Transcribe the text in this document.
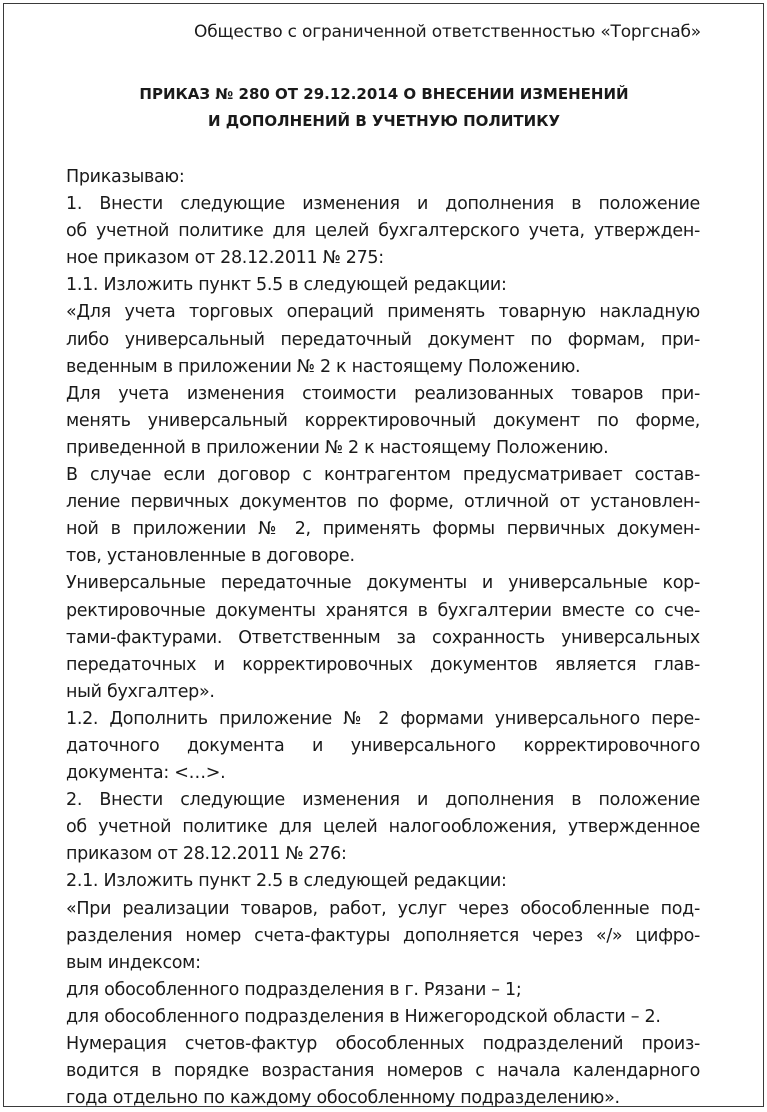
Общество с ограниченной ответственностью «Торгснаб»
ПРИКАЗ № 280 ОТ 29.12.2014 О ВНЕСЕНИИ ИЗМЕНЕНИЙ
И ДОПОЛНЕНИЙ В УЧЕТНУЮ ПОЛИТИКУ
Приказываю:
1. Внести следующие изменения и дополнения в положение
об учетной политике для целей бухгалтерского учета, утвержден-
ное приказом от 28.12.2011 № 275:
1.1. Изложить пункт 5.5 в следующей редакции:
«Для учета торговых операций применять товарную накладную
либо универсальный передаточный документ по формам, при-
веденным в приложении № 2 к настоящему Положению.
Для учета изменения стоимости реализованных товаров при-
менять универсальный корректировочный документ по форме,
приведенной в приложении № 2 к настоящему Положению.
В случае если договор с контрагентом предусматривает состав-
ление первичных документов по форме, отличной от установлен-
ной в приложении № 2, применять формы первичных докумен-
тов, установленные в договоре.
Универсальные передаточные документы и универсальные кор-
ректировочные документы хранятся в бухгалтерии вместе со сче-
тами-фактурами. Ответственным за сохранность универсальных
передаточных и корректировочных документов является глав-
ный бухгалтер».
1.2. Дополнить приложение № 2 формами универсального пере-
даточного документа и универсального корректировочного
документа: <…>.
2. Внести следующие изменения и дополнения в положение
об учетной политике для целей налогообложения, утвержденное
приказом от 28.12.2011 № 276:
2.1. Изложить пункт 2.5 в следующей редакции:
«При реализации товаров, работ, услуг через обособленные под-
разделения номер счета-фактуры дополняется через «/» цифро-
вым индексом:
для обособленного подразделения в г. Рязани – 1;
для обособленного подразделения в Нижегородской области – 2.
Нумерация счетов-фактур обособленных подразделений произ-
водится в порядке возрастания номеров с начала календарного
года отдельно по каждому обособленному подразделению».
